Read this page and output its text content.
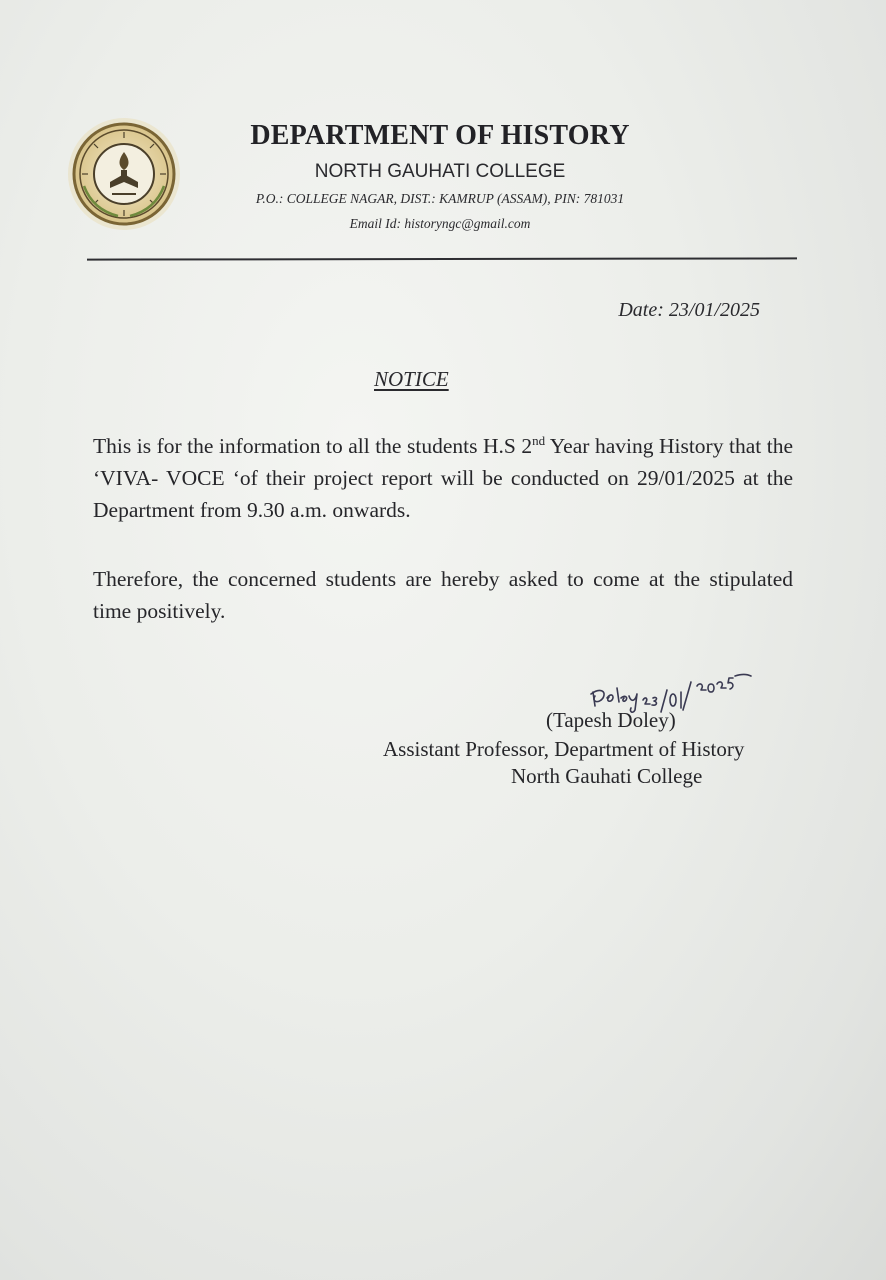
DEPARTMENT OF HISTORY
NORTH GAUHATI COLLEGE
P.O.: COLLEGE NAGAR, DIST.: KAMRUP (ASSAM), PIN: 781031
Email Id: historyngc@gmail.com
Date: 23/01/2025
NOTICE
This is for the information to all the students H.S 2nd Year having History that the ‘VIVA- VOCE ‘of their project report will be conducted on 29/01/2025 at the Department from 9.30 a.m. onwards.
Therefore, the concerned students are hereby asked to come at the stipulated time positively.
(Tapesh Doley)
Assistant Professor, Department of History
North Gauhati College
